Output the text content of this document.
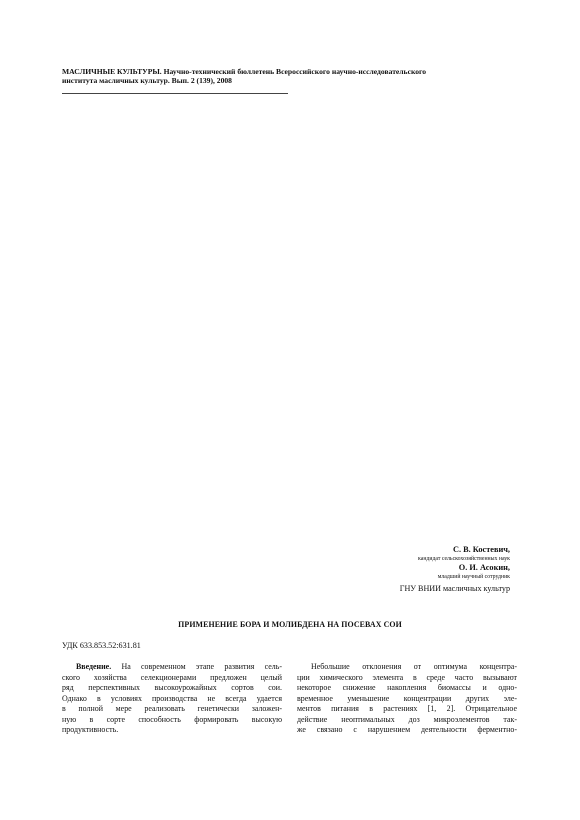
МАСЛИЧНЫЕ КУЛЬТУРЫ. Научно-технический бюллетень Всероссийского научно-исследовательского
института масличных культур. Вып. 2 (139), 2008
С. В. Костевич,
кандидат сельскохозяйственных наук
О. И. Асокин,
младший научный сотрудник
ГНУ ВНИИ масличных культур
ПРИМЕНЕНИЕ БОРА И МОЛИБДЕНА НА ПОСЕВАХ СОИ
УДК 633.853.52:631.81
Введение. На современном этапе развития сель-
ского хозяйства селекционерами предложен целый
ряд перспективных высокоурожайных сортов сои.
Однако в условиях производства не всегда удается
в полной мере реализовать генетически заложен-
ную в сорте способность формировать высокую
продуктивность.
Небольшие отклонения от оптимума концентра-
ции химического элемента в среде часто вызывают
некоторое снижение накопления биомассы и одно-
временное уменьшение концентрации других эле-
ментов питания в растениях [1, 2]. Отрицательное
действие неоптимальных доз микроэлементов так-
же связано с нарушением деятельности ферментно-
